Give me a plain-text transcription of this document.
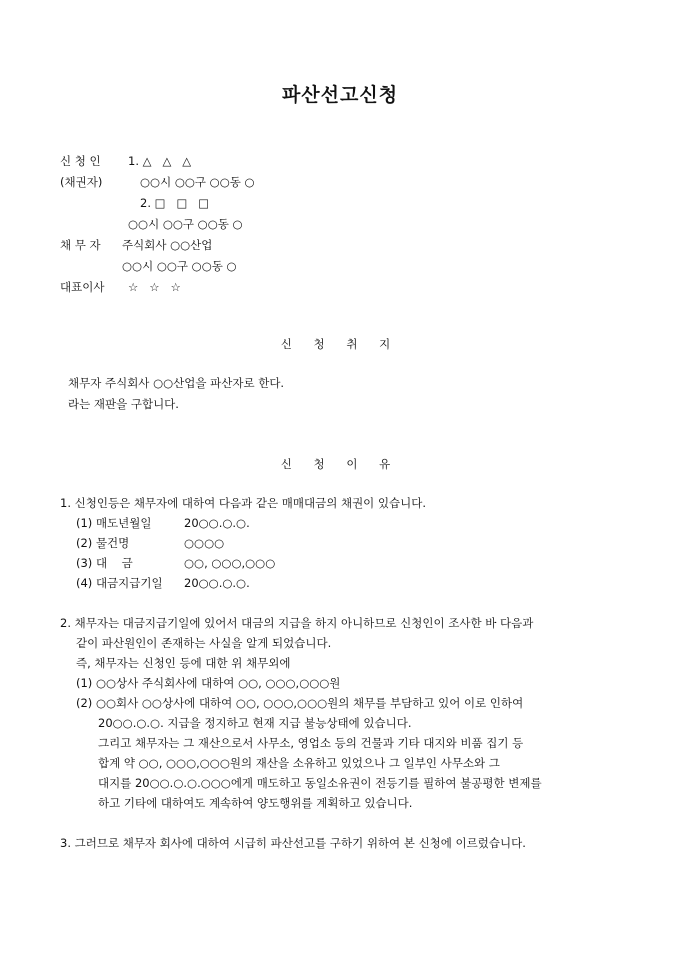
파산선고신청
신 청 인 1. △   △   △
(채권자)	○○시 ○○구 ○○동 ○
2. □   □   □
○○시 ○○구 ○○동 ○
채 무 자 주식회사 ○○산업
○○시 ○○구 ○○동 ○
대표이사 ☆   ☆   ☆
신 청 취 지
채무자 주식회사 ○○산업을 파산자로 한다.
라는 재판을 구합니다.
신 청 이 유
1. 신청인등은 채무자에 대하여 다음과 같은 매매대금의 채권이 있습니다.
(1) 매도년월일	20○○.○.○.
(2) 물건명	○○○○
(3) 대    금	○○, ○○○,○○○
(4) 대금지급기일 20○○.○.○.
2. 채무자는 대금지급기일에 있어서 대금의 지급을 하지 아니하므로 신청인이 조사한 바 다음과
같이 파산원인이 존재하는 사실을 알게 되었습니다.
즉, 채무자는 신청인 등에 대한 위 채무외에
(1) ○○상사 주식회사에 대하여 ○○, ○○○,○○○원
(2) ○○회사 ○○상사에 대하여 ○○, ○○○,○○○원의 채무를 부담하고 있어 이로 인하여
20○○.○.○. 지급을 정지하고 현재 지급 불능상태에 있습니다.
그리고 채무자는 그 재산으로서 사무소, 영업소 등의 건물과 기타 대지와 비품 집기 등
합계 약 ○○, ○○○,○○○원의 재산을 소유하고 있었으나 그 일부인 사무소와 그
대지를 20○○.○.○.○○○에게 매도하고 동일소유권이 전등기를 필하여 불공평한 변제를
하고 기타에 대하여도 계속하여 양도행위를 계획하고 있습니다.
3. 그러므로 채무자 회사에 대하여 시급히 파산선고를 구하기 위하여 본 신청에 이르렀습니다.
